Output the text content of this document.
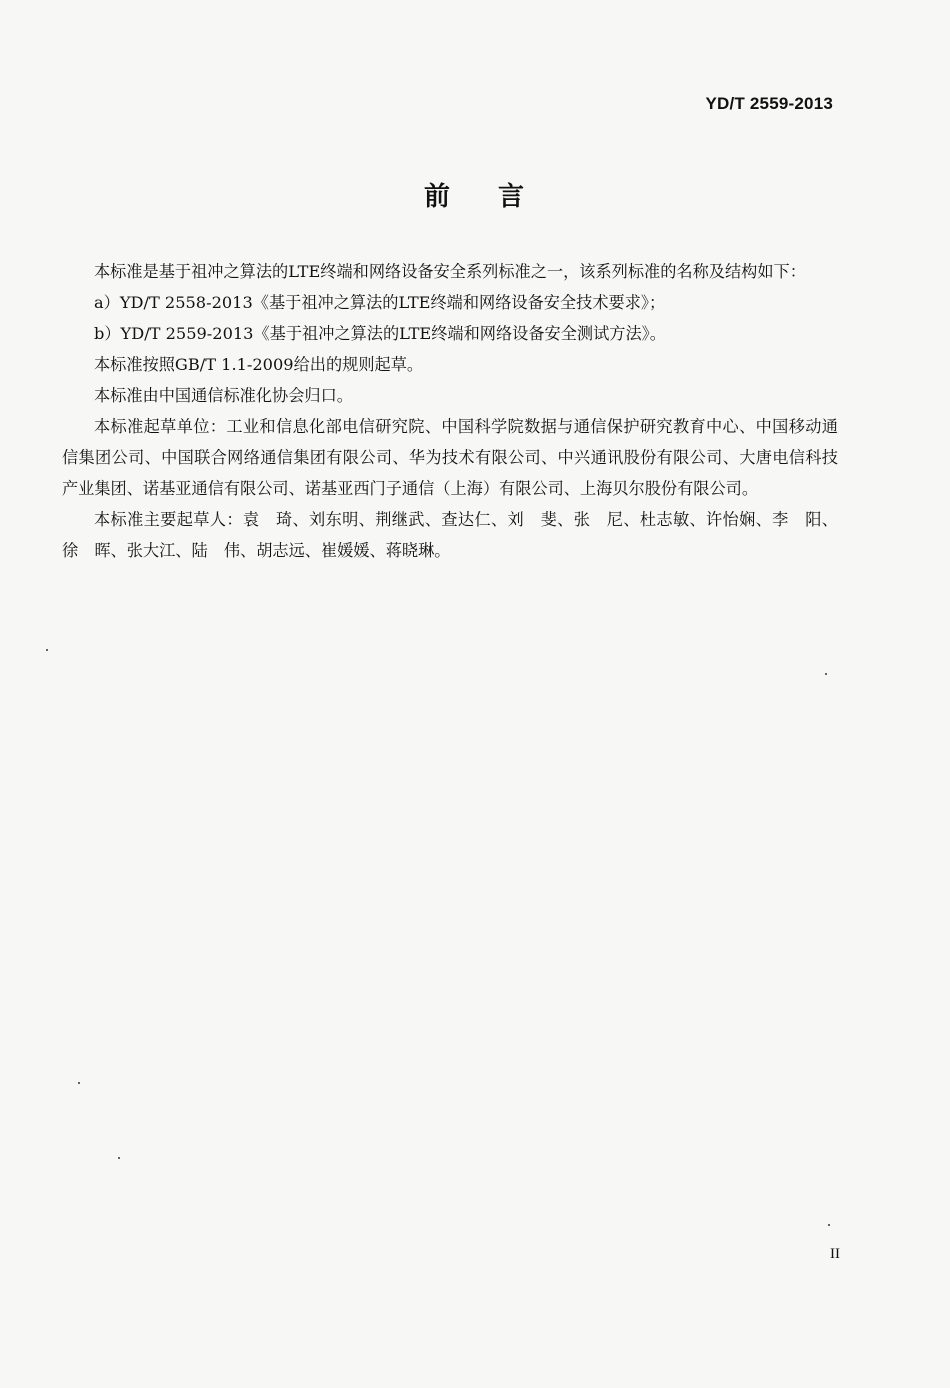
YD/T 2559-2013
前 言

本标准是基于祖冲之算法的LTE终端和网络设备安全系列标准之一，该系列标准的名称及结构如下：

a）YD/T 2558-2013《基于祖冲之算法的LTE终端和网络设备安全技术要求》；

b）YD/T 2559-2013《基于祖冲之算法的LTE终端和网络设备安全测试方法》。

本标准按照GB/T 1.1-2009给出的规则起草。

本标准由中国通信标准化协会归口。

本标准起草单位：工业和信息化部电信研究院、中国科学院数据与通信保护研究教育中心、中国移动通信集团公司、中国联合网络通信集团有限公司、华为技术有限公司、中兴通讯股份有限公司、大唐电信科技产业集团、诺基亚通信有限公司、诺基亚西门子通信（上海）有限公司、上海贝尔股份有限公司。

本标准主要起草人：袁　琦、刘东明、荆继武、查达仁、刘　斐、张　尼、杜志敏、许怡娴、李　阳、徐　晖、张大江、陆　伟、胡志远、崔媛媛、蒋晓琳。

II
